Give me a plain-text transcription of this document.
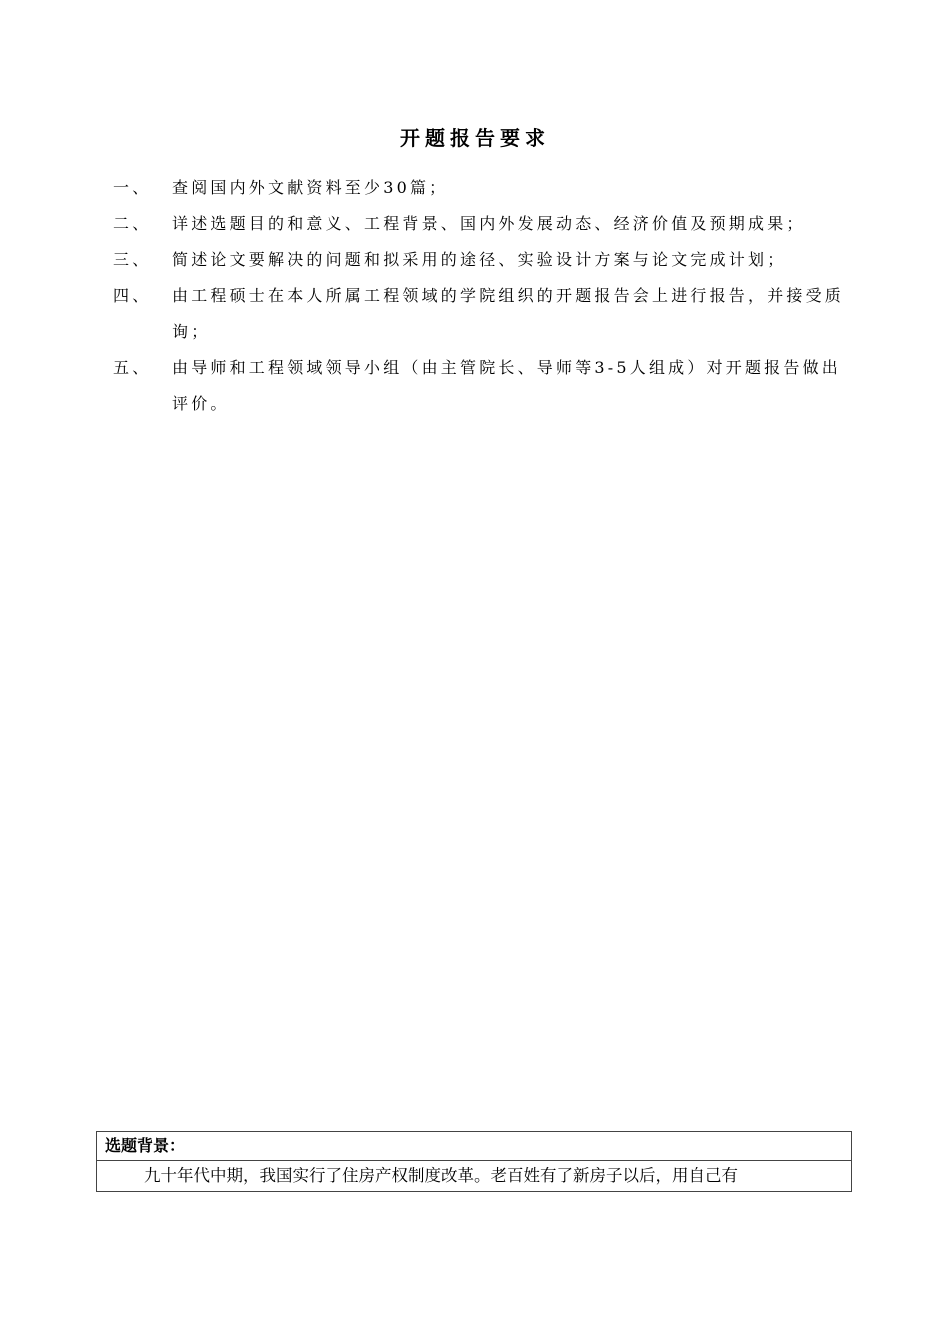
开题报告要求
一、 查阅国内外文献资料至少30篇；
二、 详述选题目的和意义、工程背景、国内外发展动态、经济价值及预期成果；
三、 简述论文要解决的问题和拟采用的途径、实验设计方案与论文完成计划；
四、 由工程硕士在本人所属工程领域的学院组织的开题报告会上进行报告，并接受质询；
五、 由导师和工程领域领导小组（由主管院长、导师等3-5人组成）对开题报告做出评价。
选题背景：
九十年代中期，我国实行了住房产权制度改革。老百姓有了新房子以后，用自己有
